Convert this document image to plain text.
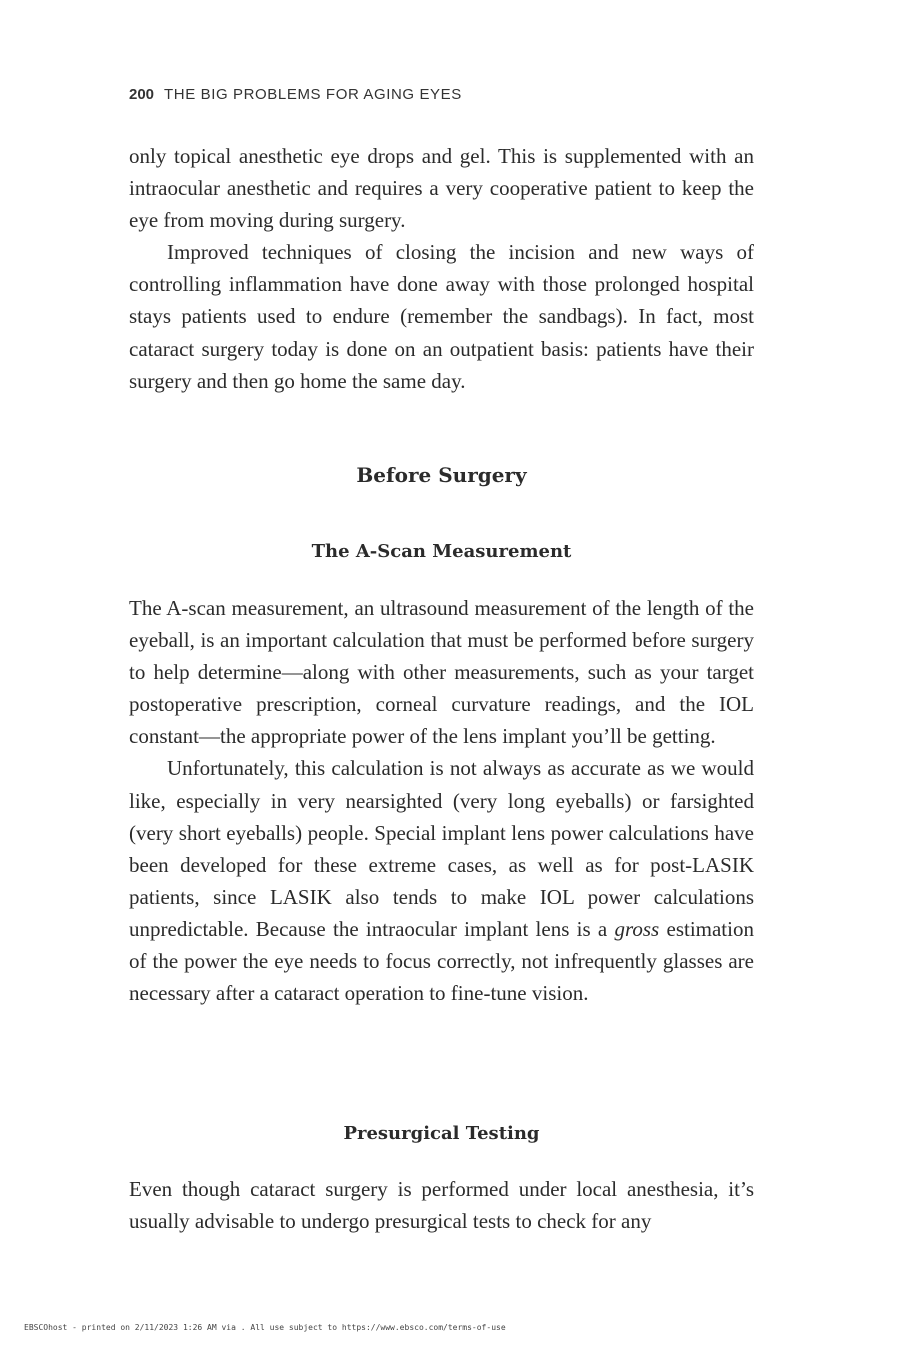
200 THE BIG PROBLEMS FOR AGING EYES

only topical anesthetic eye drops and gel. This is supplemented with an intraocular anesthetic and requires a very cooperative patient to keep the eye from moving during surgery.

Improved techniques of closing the incision and new ways of controlling inflammation have done away with those prolonged hospital stays patients used to endure (remember the sandbags). In fact, most cataract surgery today is done on an outpatient basis: patients have their surgery and then go home the same day.

Before Surgery
The A-Scan Measurement

The A-scan measurement, an ultrasound measurement of the length of the eyeball, is an important calculation that must be performed before surgery to help determine—along with other measurements, such as your target postoperative prescription, corneal curvature readings, and the IOL constant—the appropriate power of the lens implant you’ll be getting.

Unfortunately, this calculation is not always as accurate as we would like, especially in very nearsighted (very long eyeballs) or farsighted (very short eyeballs) people. Special implant lens power calculations have been developed for these extreme cases, as well as for post-LASIK patients, since LASIK also tends to make IOL power calculations unpredictable. Because the intraocular implant lens is a gross estimation of the power the eye needs to focus correctly, not infrequently glasses are necessary after a cataract operation to fine-tune vision.

Presurgical Testing

Even though cataract surgery is performed under local anesthesia, it’s usually advisable to undergo presurgical tests to check for any

EBSCOhost - printed on 2/11/2023 1:26 AM via . All use subject to https://www.ebsco.com/terms-of-use
